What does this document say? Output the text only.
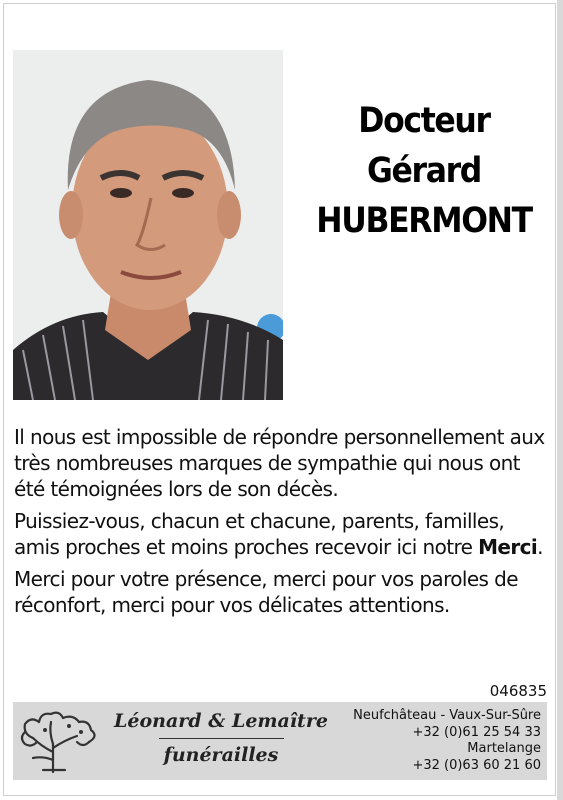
Docteur
Gérard
HUBERMONT

Il nous est impossible de répondre personnellement aux très nombreuses marques de sympathie qui nous ont été témoignées lors de son décès.

Puissiez-vous, chacun et chacune, parents, familles, amis proches et moins proches recevoir ici notre Merci.

Merci pour votre présence, merci pour vos paroles de réconfort, merci pour vos délicates attentions.

046835
Léonard & Lemaître
funérailles
Neufchâteau - Vaux-Sur-Sûre
+32 (0)61 25 54 33
Martelange
+32 (0)63 60 21 60
